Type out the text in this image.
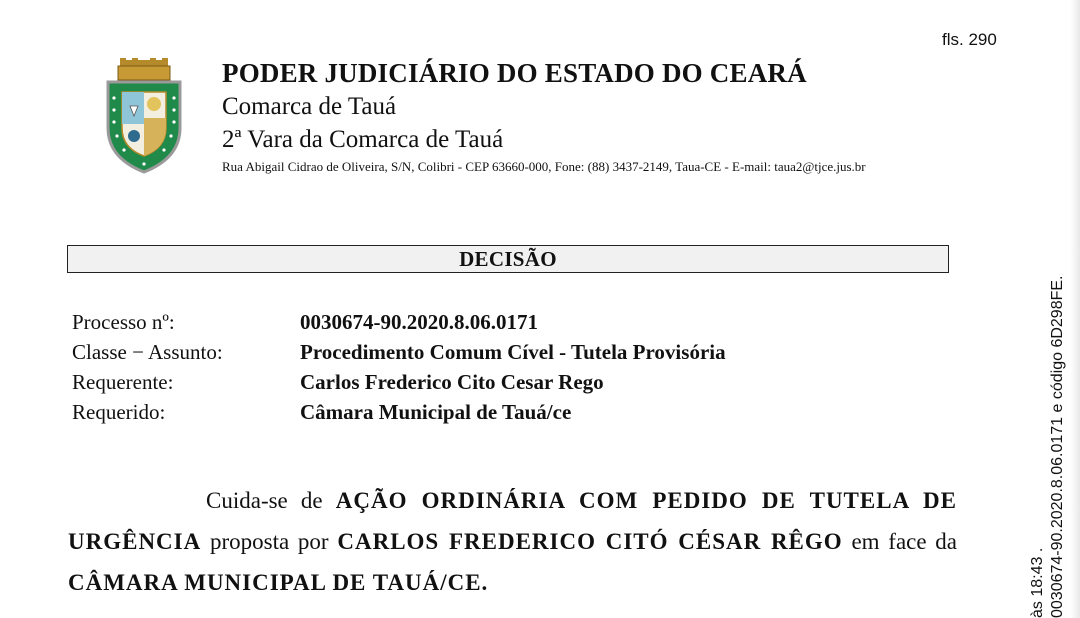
fls. 290
PODER JUDICIÁRIO DO ESTADO DO CEARÁ
Comarca de Tauá
2ª Vara da Comarca de Tauá
Rua Abigail Cidrao de Oliveira, S/N, Colibri - CEP 63660-000, Fone: (88) 3437-2149, Taua-CE - E-mail: taua2@tjce.jus.br
DECISÃO
Processo nº:	0030674-90.2020.8.06.0171
Classe − Assunto:	Procedimento Comum Cível - Tutela Provisória
Requerente:	Carlos Frederico Cito Cesar Rego
Requerido:	Câmara Municipal de Tauá/ce
Cuida-se de AÇÃO ORDINÁRIA COM PEDIDO DE TUTELA DE URGÊNCIA proposta por CARLOS FREDERICO CITÓ CÉSAR RÊGO em face da CÂMARA MUNICIPAL DE TAUÁ/CE.	às 18:43 . 0030674-90.2020.8.06.0171 e código 6D298FE.
